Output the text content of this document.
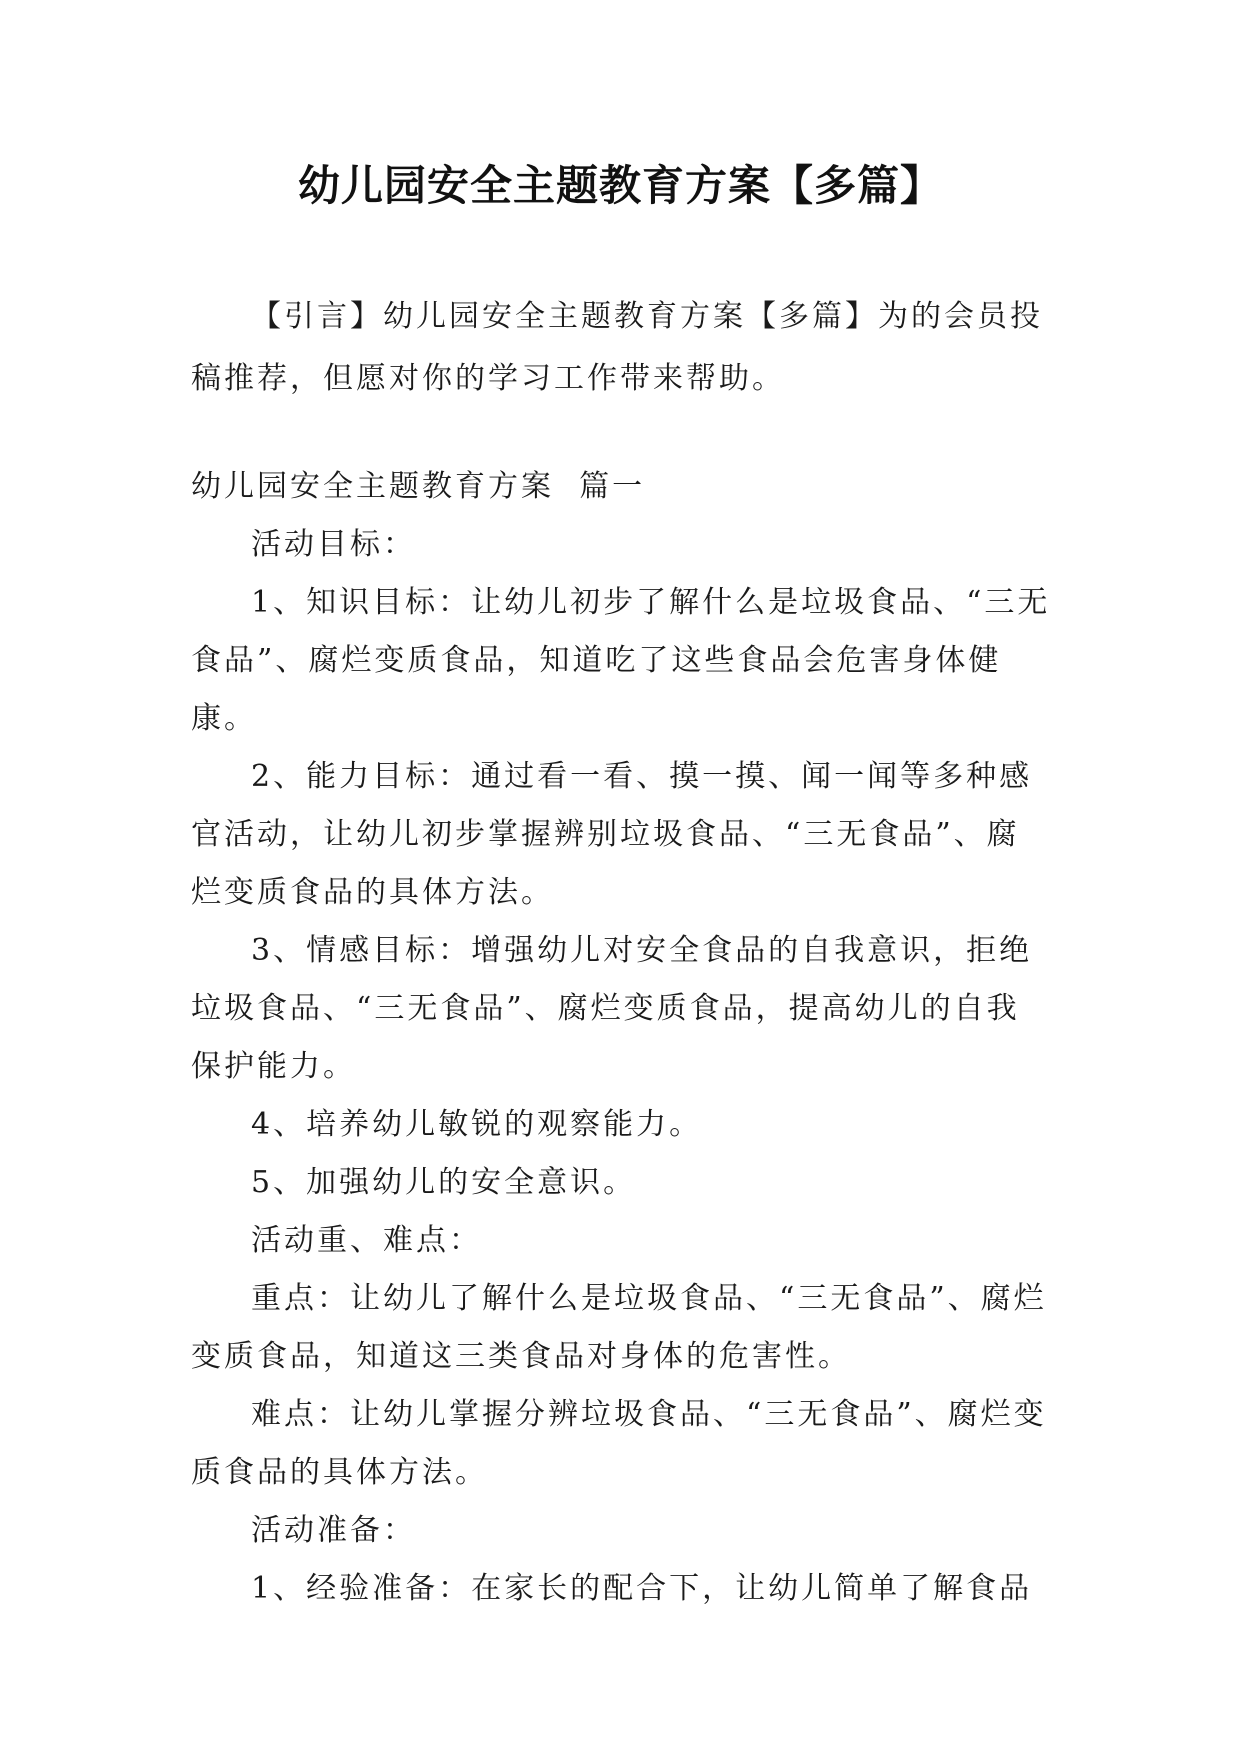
幼儿园安全主题教育方案【多篇】

【引言】幼儿园安全主题教育方案【多篇】为的会员投稿推荐，但愿对你的学习工作带来帮助。

幼儿园安全主题教育方案  篇一

活动目标：

1、知识目标：让幼儿初步了解什么是垃圾食品、“三无食品”、腐烂变质食品，知道吃了这些食品会危害身体健康。

2、能力目标：通过看一看、摸一摸、闻一闻等多种感官活动，让幼儿初步掌握辨别垃圾食品、“三无食品”、腐烂变质食品的具体方法。

3、情感目标：增强幼儿对安全食品的自我意识，拒绝垃圾食品、“三无食品”、腐烂变质食品，提高幼儿的自我保护能力。

4、培养幼儿敏锐的观察能力。

5、加强幼儿的安全意识。

活动重、难点：

重点：让幼儿了解什么是垃圾食品、“三无食品”、腐烂变质食品，知道这三类食品对身体的危害性。

难点：让幼儿掌握分辨垃圾食品、“三无食品”、腐烂变质食品的具体方法。

活动准备：

1、经验准备：在家长的配合下，让幼儿简单了解食品
